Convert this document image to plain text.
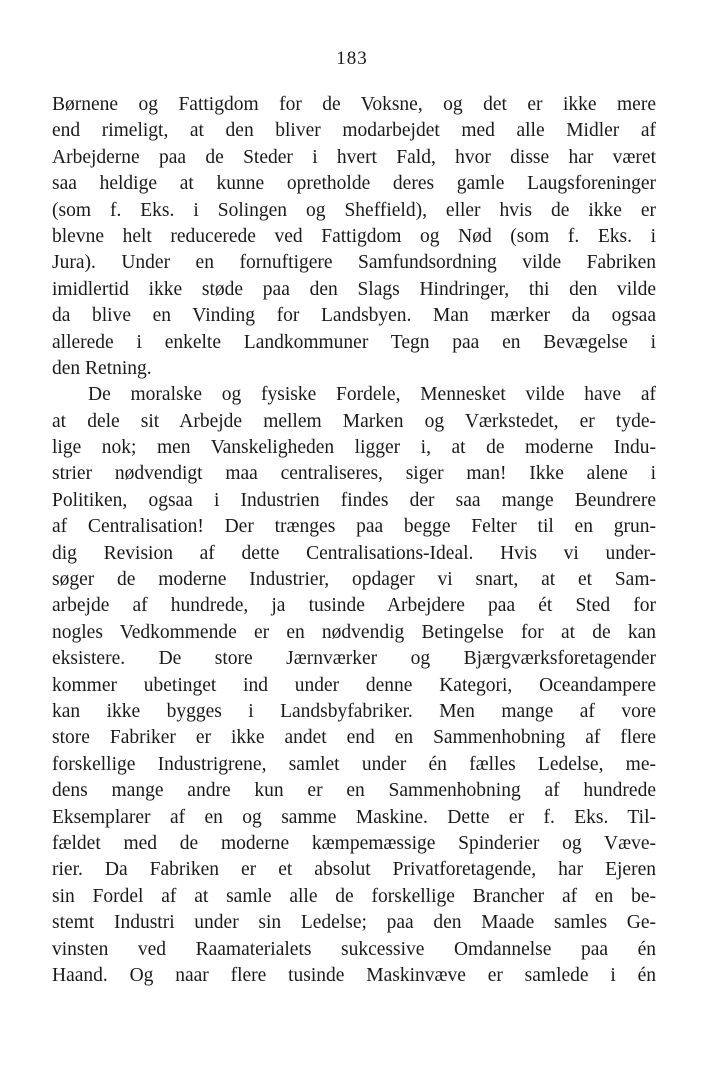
183
Børnene og Fattigdom for de Voksne, og det er ikke mere
end rimeligt, at den bliver modarbejdet med alle Midler af
Arbejderne paa de Steder i hvert Fald, hvor disse har været
saa heldige at kunne opretholde deres gamle Laugsforeninger
(som f. Eks. i Solingen og Sheffield), eller hvis de ikke er
blevne helt reducerede ved Fattigdom og Nød (som f. Eks. i
Jura). Under en fornuftigere Samfundsordning vilde Fabriken
imidlertid ikke støde paa den Slags Hindringer, thi den vilde
da blive en Vinding for Landsbyen. Man mærker da ogsaa
allerede i enkelte Landkommuner Tegn paa en Bevægelse i
den Retning.
De moralske og fysiske Fordele, Mennesket vilde have af
at dele sit Arbejde mellem Marken og Værkstedet, er tyde-
lige nok; men Vanskeligheden ligger i, at de moderne Indu-
strier nødvendigt maa centraliseres, siger man! Ikke alene i
Politiken, ogsaa i Industrien findes der saa mange Beundrere
af Centralisation! Der trænges paa begge Felter til en grun-
dig Revision af dette Centralisations-Ideal. Hvis vi under-
søger de moderne Industrier, opdager vi snart, at et Sam-
arbejde af hundrede, ja tusinde Arbejdere paa ét Sted for
nogles Vedkommende er en nødvendig Betingelse for at de kan
eksistere. De store Jærnværker og Bjærgværksforetagender
kommer ubetinget ind under denne Kategori, Oceandampere
kan ikke bygges i Landsbyfabriker. Men mange af vore
store Fabriker er ikke andet end en Sammenhobning af flere
forskellige Industrigrene, samlet under én fælles Ledelse, me-
dens mange andre kun er en Sammenhobning af hundrede
Eksemplarer af en og samme Maskine. Dette er f. Eks. Til-
fældet med de moderne kæmpemæssige Spinderier og Væve-
rier. Da Fabriken er et absolut Privatforetagende, har Ejeren
sin Fordel af at samle alle de forskellige Brancher af en be-
stemt Industri under sin Ledelse; paa den Maade samles Ge-
vinsten ved Raamaterialets sukcessive Omdannelse paa én
Haand. Og naar flere tusinde Maskinvæve er samlede i én
